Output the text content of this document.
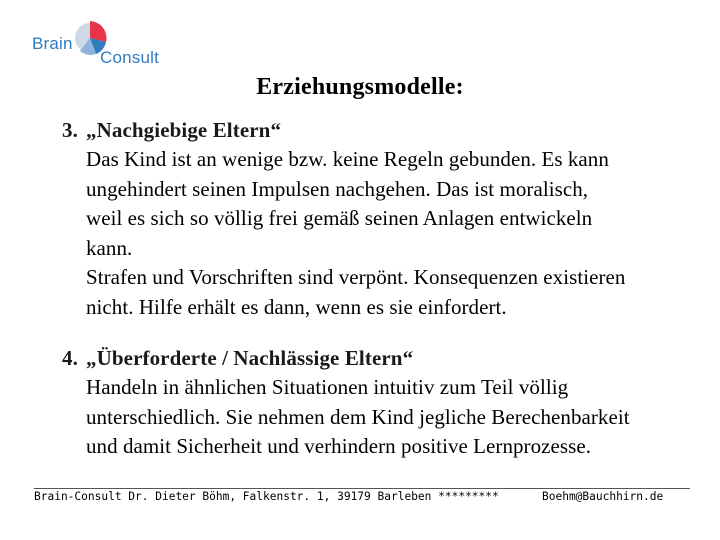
Brain
Consult
Erziehungsmodelle:
3. „Nachgiebige Eltern“
Das Kind ist an wenige bzw. keine Regeln gebunden. Es kann
ungehindert seinen Impulsen nachgehen. Das ist moralisch,
weil es sich so völlig frei gemäß seinen Anlagen entwickeln
kann.
Strafen und Vorschriften sind verpönt. Konsequenzen existieren
nicht. Hilfe erhält es dann, wenn es sie einfordert.
4. „Überforderte / Nachlässige Eltern“
Handeln in ähnlichen Situationen intuitiv zum Teil völlig
unterschiedlich. Sie nehmen dem Kind jegliche Berechenbarkeit
und damit Sicherheit und verhindern positive Lernprozesse.
Brain-Consult Dr. Dieter Böhm, Falkenstr. 1, 39179 Barleben *********	Boehm@Bauchhirn.de
